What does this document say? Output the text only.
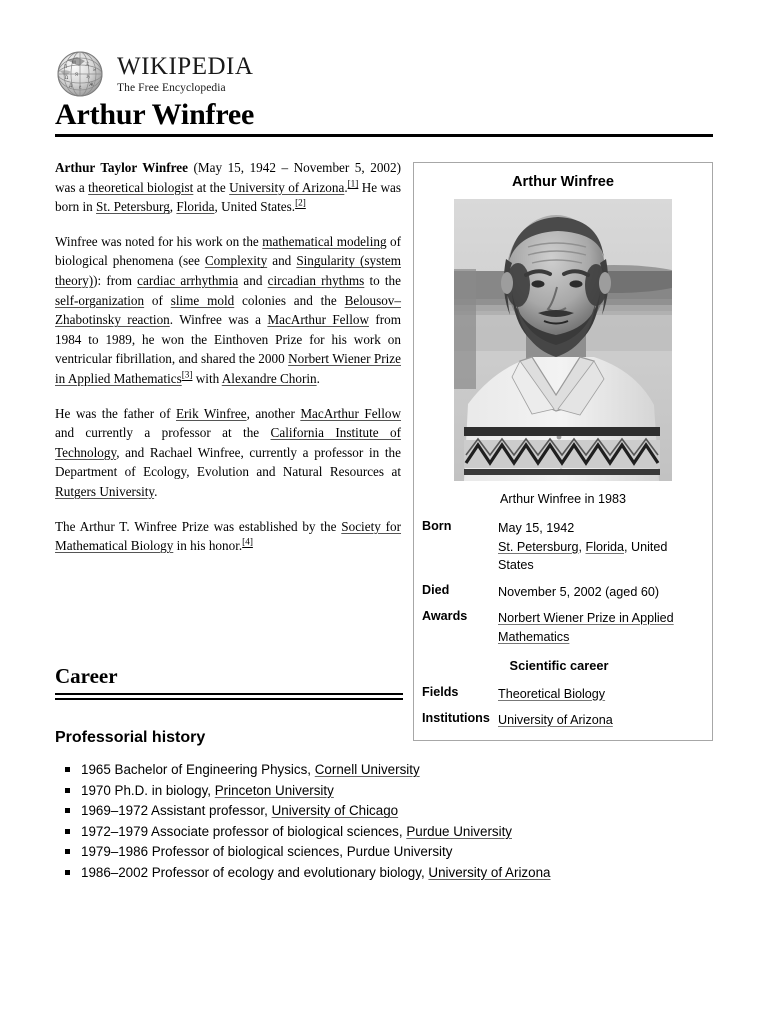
П
文
א
Ω
Я あ
Д ع Ж
WIKIPEDIA
The Free Encyclopedia
Arthur Winfree

Arthur Taylor Winfree (May 15, 1942 – November 5, 2002) was a theoretical biologist at the University of Arizona.[1] He was born in St. Petersburg, Florida, United States.[2]

Winfree was noted for his work on the mathematical modeling of biological phenomena (see Complexity and Singularity (system theory)): from cardiac arrhythmia and circadian rhythms to the self-organization of slime mold colonies and the Belousov–Zhabotinsky reaction. Winfree was a MacArthur Fellow from 1984 to 1989, he won the Einthoven Prize for his work on ventricular fibrillation, and shared the 2000 Norbert Wiener Prize in Applied Mathematics[3] with Alexandre Chorin.

He was the father of Erik Winfree, another MacArthur Fellow and currently a professor at the California Institute of Technology, and Rachael Winfree, currently a professor in the Department of Ecology, Evolution and Natural Resources at Rutgers University.

The Arthur T. Winfree Prize was established by the Society for Mathematical Biology in his honor.[4]

Career
Professorial history
1965 Bachelor of Engineering Physics, Cornell University
1970 Ph.D. in biology, Princeton University
1969–1972 Assistant professor, University of Chicago
1972–1979 Associate professor of biological sciences, Purdue University
1979–1986 Professor of biological sciences, Purdue University
1986–2002 Professor of ecology and evolutionary biology, University of Arizona
Arthur Winfree
Arthur Winfree in 1983
Born	May 15, 1942
St. Petersburg, Florida, United States
Died	November 5, 2002 (aged 60)
Awards	Norbert Wiener Prize in Applied Mathematics
Scientific career	
Fields	Theoretical Biology
Institutions	University of Arizona
